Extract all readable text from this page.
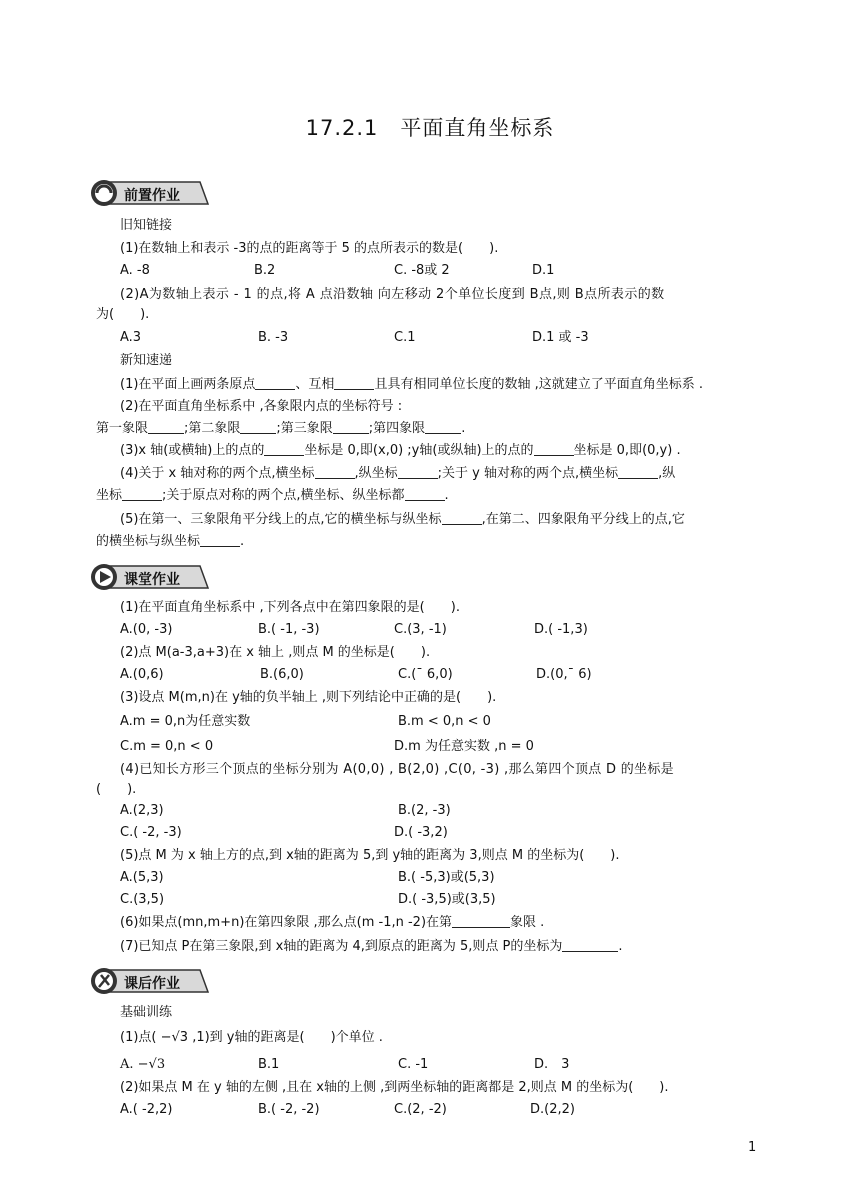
17.2.1 平面直角坐标系
前置作业
旧知链接
(1)在数轴上和表示 -3的点的距离等于 5 的点所表示的数是(　　).
A. -8	B.2	C. -8或 2	D.1
(2)A为数轴上表示 - 1 的点,将 A 点沿数轴 向左移动 2个单位长度到 B点,则 B点所表示的数
为(　　).
A.3	B. -3	C.1	D.1 或 -3
新知速递
(1)在平面上画两条原点	、互相	且具有相同单位长度的数轴 ,这就建立了平面直角坐标系 .
(2)在平面直角坐标系中 ,各象限内点的坐标符号 :
第一象限	;第二象限	;第三象限	;第四象限	.
(3)x 轴(或横轴)上的点的	坐标是 0,即(x,0) ;y轴(或纵轴)上的点的	坐标是 0,即(0,y) .
(4)关于 x 轴对称的两个点,横坐标	,纵坐标	;关于 y 轴对称的两个点,横坐标	,纵
坐标	;关于原点对称的两个点,横坐标、纵坐标都	.
(5)在第一、三象限角平分线上的点,它的横坐标与纵坐标	,在第二、四象限角平分线上的点,它
的横坐标与纵坐标	.
课堂作业
(1)在平面直角坐标系中 ,下列各点中在第四象限的是(　　).
A.(0, -3)	B.( -1, -3)	C.(3, -1)	D.( -1,3)
(2)点 M(a-3,a+3)在 x 轴上 ,则点 M 的坐标是(　　).
A.(0,6)	B.(6,0)	C.(¯ 6,0)	D.(0,¯ 6)
(3)设点 M(m,n)在 y轴的负半轴上 ,则下列结论中正确的是(　　).
A.m = 0,n为任意实数	B.m < 0,n < 0
C.m = 0,n < 0	D.m 为任意实数 ,n = 0
(4)已知长方形三个顶点的坐标分别为 A(0,0) , B(2,0) ,C(0, -3) ,那么第四个顶点 D 的坐标是
(　　).
A.(2,3)	B.(2, -3)
C.( -2, -3)	D.( -3,2)
(5)点 M 为 x 轴上方的点,到 x轴的距离为 5,到 y轴的距离为 3,则点 M 的坐标为(　　).
A.(5,3)	B.( -5,3)或(5,3)
C.(3,5)	D.( -3,5)或(3,5)
(6)如果点(mn,m+n)在第四象限 ,那么点(m -1,n -2)在第	象限 .
(7)已知点 P在第三象限,到 x轴的距离为 4,到原点的距离为 5,则点 P的坐标为	.
课后作业
基础训练
(1)点( −√3 ,1)到 y轴的距离是(　　)个单位 .
A. −√3	B.1	C. -1	D.　3
(2)如果点 M 在 y 轴的左侧 ,且在 x轴的上侧 ,到两坐标轴的距离都是 2,则点 M 的坐标为(　　).
A.( -2,2)	B.( -2, -2)	C.(2, -2)	D.(2,2)
1
